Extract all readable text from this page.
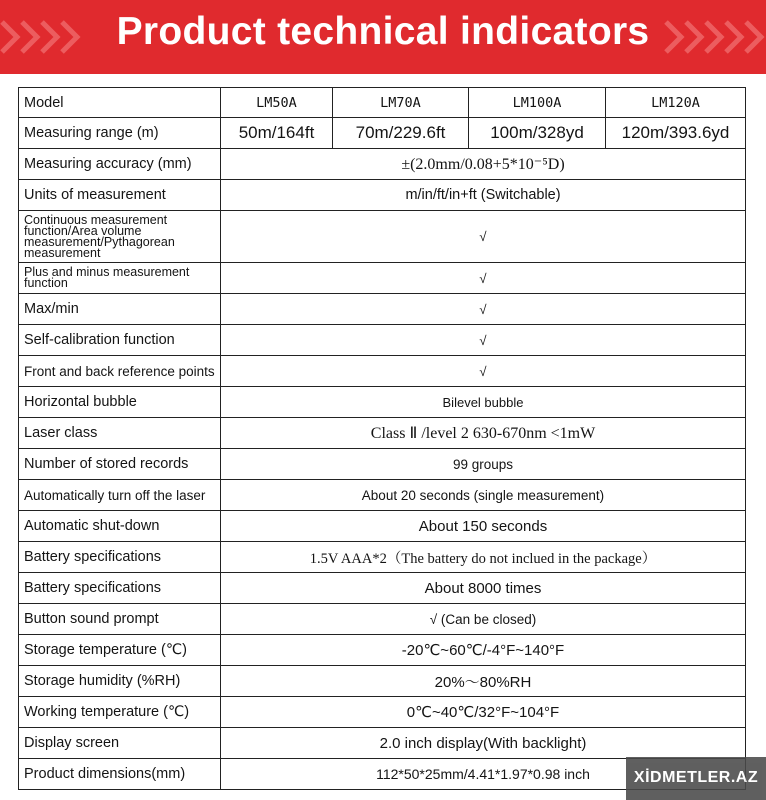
Product technical indicators
Model	LM50A	LM70A	LM100A	LM120A
Measuring range (m)	50m/164ft	70m/229.6ft	100m/328yd	120m/393.6yd
Measuring accuracy (mm)	±(2.0mm/0.08+5*10⁻⁵D)			
Units of measurement	m/in/ft/in+ft (Switchable)			
Continuous measurement function/Area volume measurement/Pythagorean measurement	√			
Plus and minus measurement function	√			
Max/min	√			
Self-calibration function	√			
Front and back reference points	√			
Horizontal bubble	Bilevel bubble			
Laser class	Class Ⅱ /level 2 630-670nm <1mW			
Number of stored records	99 groups			
Automatically turn off the laser	About 20 seconds (single measurement)			
Automatic shut-down	About 150 seconds			
Battery specifications	1.5V AAA*2（The battery do not inclued in the package）			
Battery specifications	About 8000 times			
Button sound prompt	√ (Can be closed)			
Storage temperature (℃)	-20℃~60℃/-4°F~140°F			
Storage humidity (%RH)	20%～80%RH			
Working temperature (℃)	0℃~40℃/32°F~104°F			
Display screen	2.0 inch display(With backlight)			
Product dimensions(mm)	112*50*25mm/4.41*1.97*0.98 inch				XİDMETLER.AZ
